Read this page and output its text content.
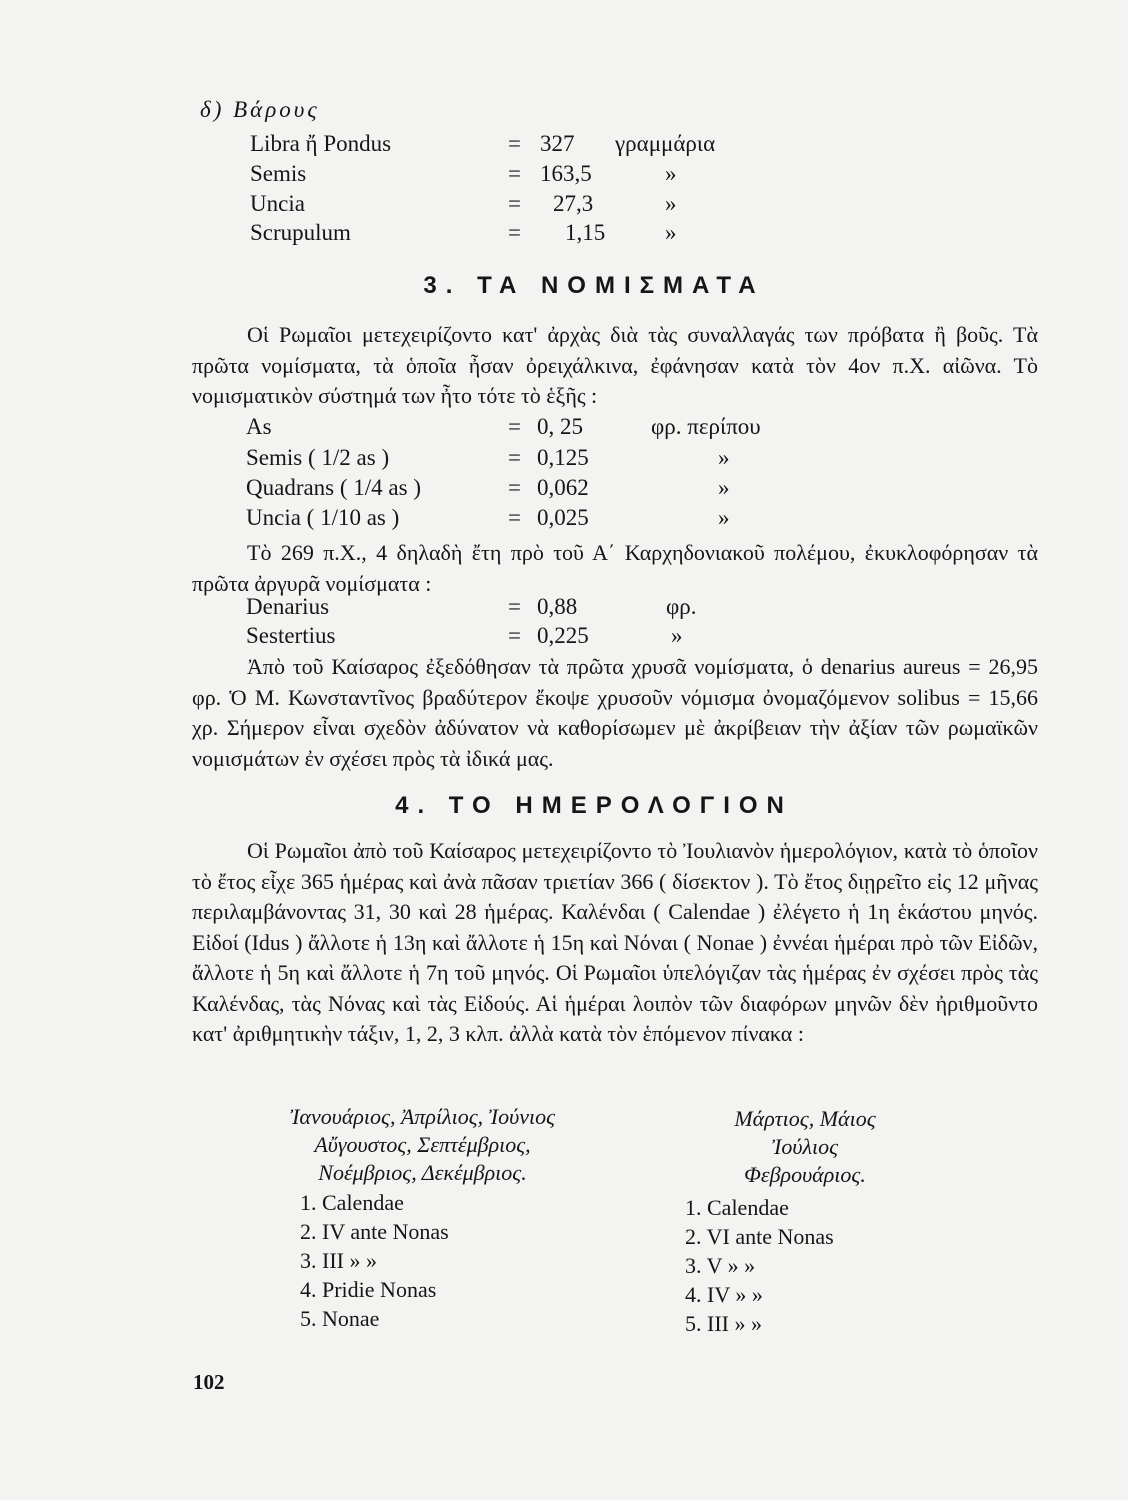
δ) Βάρους
Libra ἤ Pondus	= 327 γραμμάρια
Semis	= 163,5	»
Uncia	= 27,3	»
Scrupulum	= 1,15	»
3. ΤΑ ΝΟΜΙΣΜΑΤΑ

Οἱ Ρωμαῖοι μετεχειρίζοντο κατ' ἀρχὰς διὰ τὰς συναλλαγάς των πρόβατα ἢ βοῦς. Τὰ πρῶτα νομίσματα, τὰ ὁποῖα ἦσαν ὀρειχάλκινα, ἐφάνησαν κατὰ τὸν 4ον π.Χ. αἰῶνα. Τὸ νομισματικὸν σύστημά των ἦτο τότε τὸ ἑξῆς :

As	= 0, 25	φρ. περίπου
Semis ( 1/2 as )	= 0,125	»
Quadrans ( 1/4 as )	= 0,062	»
Uncia ( 1/10 as )	= 0,025	»

Τὸ 269 π.Χ., 4 δηλαδὴ ἔτη πρὸ τοῦ Α΄ Καρχηδονιακοῦ πολέμου, ἐκυκλοφόρησαν τὰ πρῶτα ἀργυρᾶ νομίσματα :

Denarius	= 0,88	φρ.
Sestertius	= 0,225	»

Ἀπὸ τοῦ Καίσαρος ἐξεδόθησαν τὰ πρῶτα χρυσᾶ νομίσματα, ὁ denarius aureus = 26,95 φρ. Ὁ Μ. Κωνσταντῖνος βραδύτερον ἔκοψε χρυσοῦν νόμισμα ὀνομαζόμενον solibus = 15,66 χρ. Σήμερον εἶναι σχεδὸν ἀδύνατον νὰ καθορίσωμεν μὲ ἀκρίβειαν τὴν ἀξίαν τῶν ρωμαϊκῶν νομισμάτων ἐν σχέσει πρὸς τὰ ἰδικά μας.

4. ΤΟ ΗΜΕΡΟΛΟΓΙΟΝ

Οἱ Ρωμαῖοι ἀπὸ τοῦ Καίσαρος μετεχειρίζοντο τὸ Ἰουλιανὸν ἡμερολόγιον, κατὰ τὸ ὁποῖον τὸ ἔτος εἶχε 365 ἡμέρας καὶ ἀνὰ πᾶσαν τριετίαν 366 ( δίσεκτον ). Τὸ ἔτος διῃρεῖτο εἰς 12 μῆνας περιλαμβάνοντας 31, 30 καὶ 28 ἡμέρας. Καλένδαι ( Calendae ) ἐλέγετο ἡ 1η ἑκάστου μηνός. Εἰδοί (Idus ) ἄλλοτε ἡ 13η καὶ ἄλλοτε ἡ 15η καὶ Νόναι ( Nonae ) ἐννέαι ἡμέραι πρὸ τῶν Εἰδῶν, ἄλλοτε ἡ 5η καὶ ἄλλοτε ἡ 7η τοῦ μηνός. Οἱ Ρωμαῖοι ὑπελόγιζαν τὰς ἡμέρας ἐν σχέσει πρὸς τὰς Καλένδας, τὰς Νόνας καὶ τὰς Εἰδούς. Αἱ ἡμέραι λοιπὸν τῶν διαφόρων μηνῶν δὲν ἠριθμοῦντο κατ' ἀριθμητικὴν τάξιν, 1, 2, 3 κλπ. ἀλλὰ κατὰ τὸν ἑπόμενον πίνακα :

Ἰανουάριος, Ἀπρίλιος, Ἰούνιος
Αὔγουστος, Σεπτέμβριος,
Νοέμβριος, Δεκέμβριος.
1. Calendae
2. IV ante Nonas
3. III » »
4. Pridie Nonas
5. Nonae
Μάρτιος, Μάιος
Ἰούλιος
Φεβρουάριος.
1. Calendae
2. VI ante Nonas
3. V » »
4. IV » »
5. III » »
102
